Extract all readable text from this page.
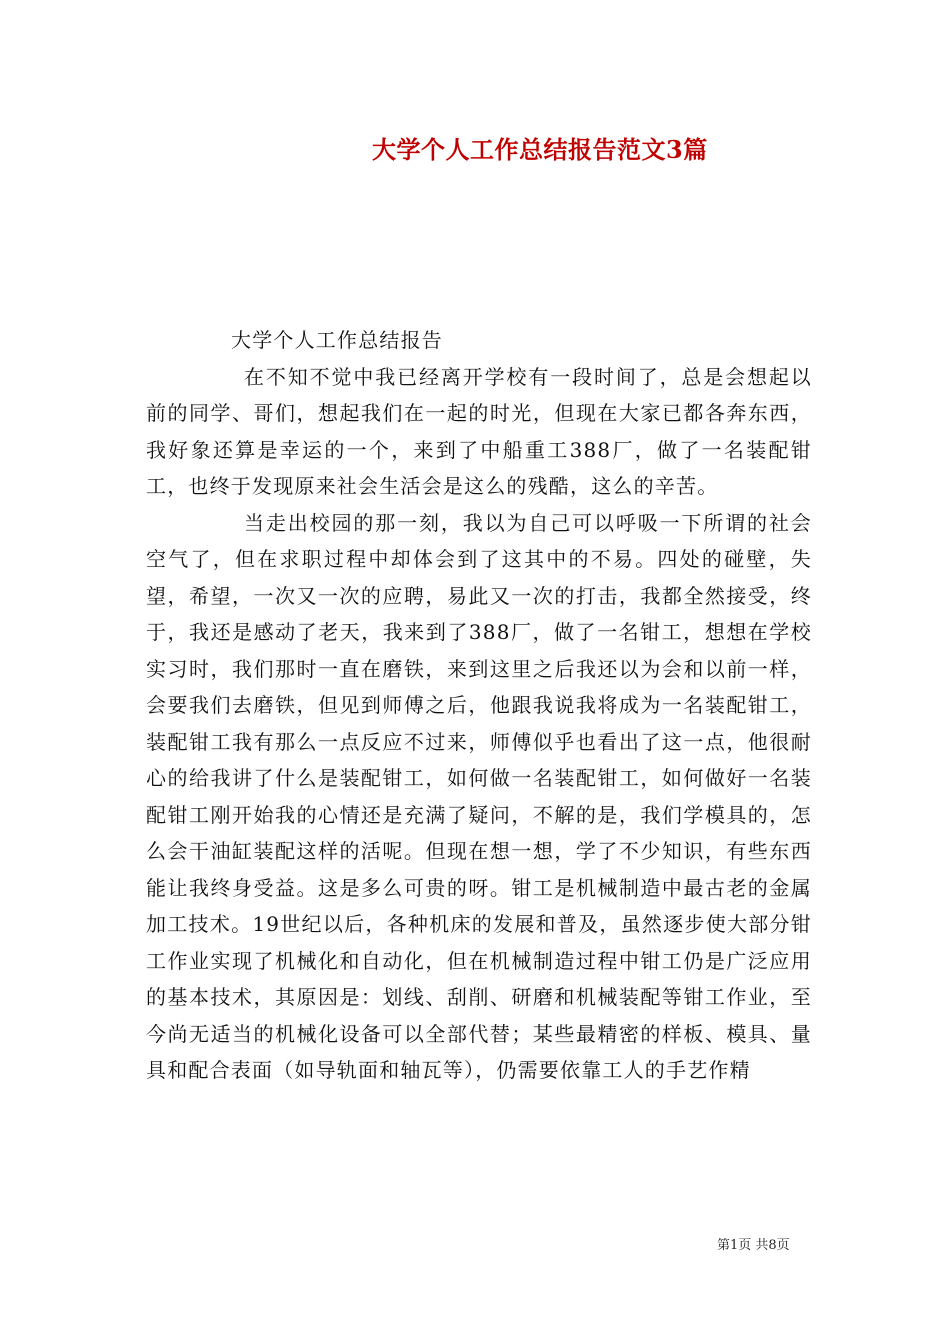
大学个人工作总结报告范文3篇

大学个人工作总结报告

在不知不觉中我已经离开学校有一段时间了，总是会想起以前的同学、哥们，想起我们在一起的时光，但现在大家已都各奔东西，我好象还算是幸运的一个，来到了中船重工388厂，做了一名装配钳工，也终于发现原来社会生活会是这么的残酷，这么的辛苦。

当走出校园的那一刻，我以为自己可以呼吸一下所谓的社会空气了，但在求职过程中却体会到了这其中的不易。四处的碰壁，失望，希望，一次又一次的应聘，易此又一次的打击，我都全然接受，终于，我还是感动了老天，我来到了388厂，做了一名钳工，想想在学校实习时，我们那时一直在磨铁，来到这里之后我还以为会和以前一样，会要我们去磨铁，但见到师傅之后，他跟我说我将成为一名装配钳工，装配钳工我有那么一点反应不过来，师傅似乎也看出了这一点，他很耐心的给我讲了什么是装配钳工，如何做一名装配钳工，如何做好一名装配钳工刚开始我的心情还是充满了疑问，不解的是，我们学模具的，怎么会干油缸装配这样的活呢。但现在想一想，学了不少知识，有些东西能让我终身受益。这是多么可贵的呀。钳工是机械制造中最古老的金属加工技术。19世纪以后，各种机床的发展和普及，虽然逐步使大部分钳工作业实现了机械化和自动化，但在机械制造过程中钳工仍是广泛应用的基本技术，其原因是：划线、刮削、研磨和机械装配等钳工作业，至今尚无适当的机械化设备可以全部代替；某些最精密的样板、模具、量具和配合表面（如导轨面和轴瓦等），仍需要依靠工人的手艺作精

第1页 共8页
